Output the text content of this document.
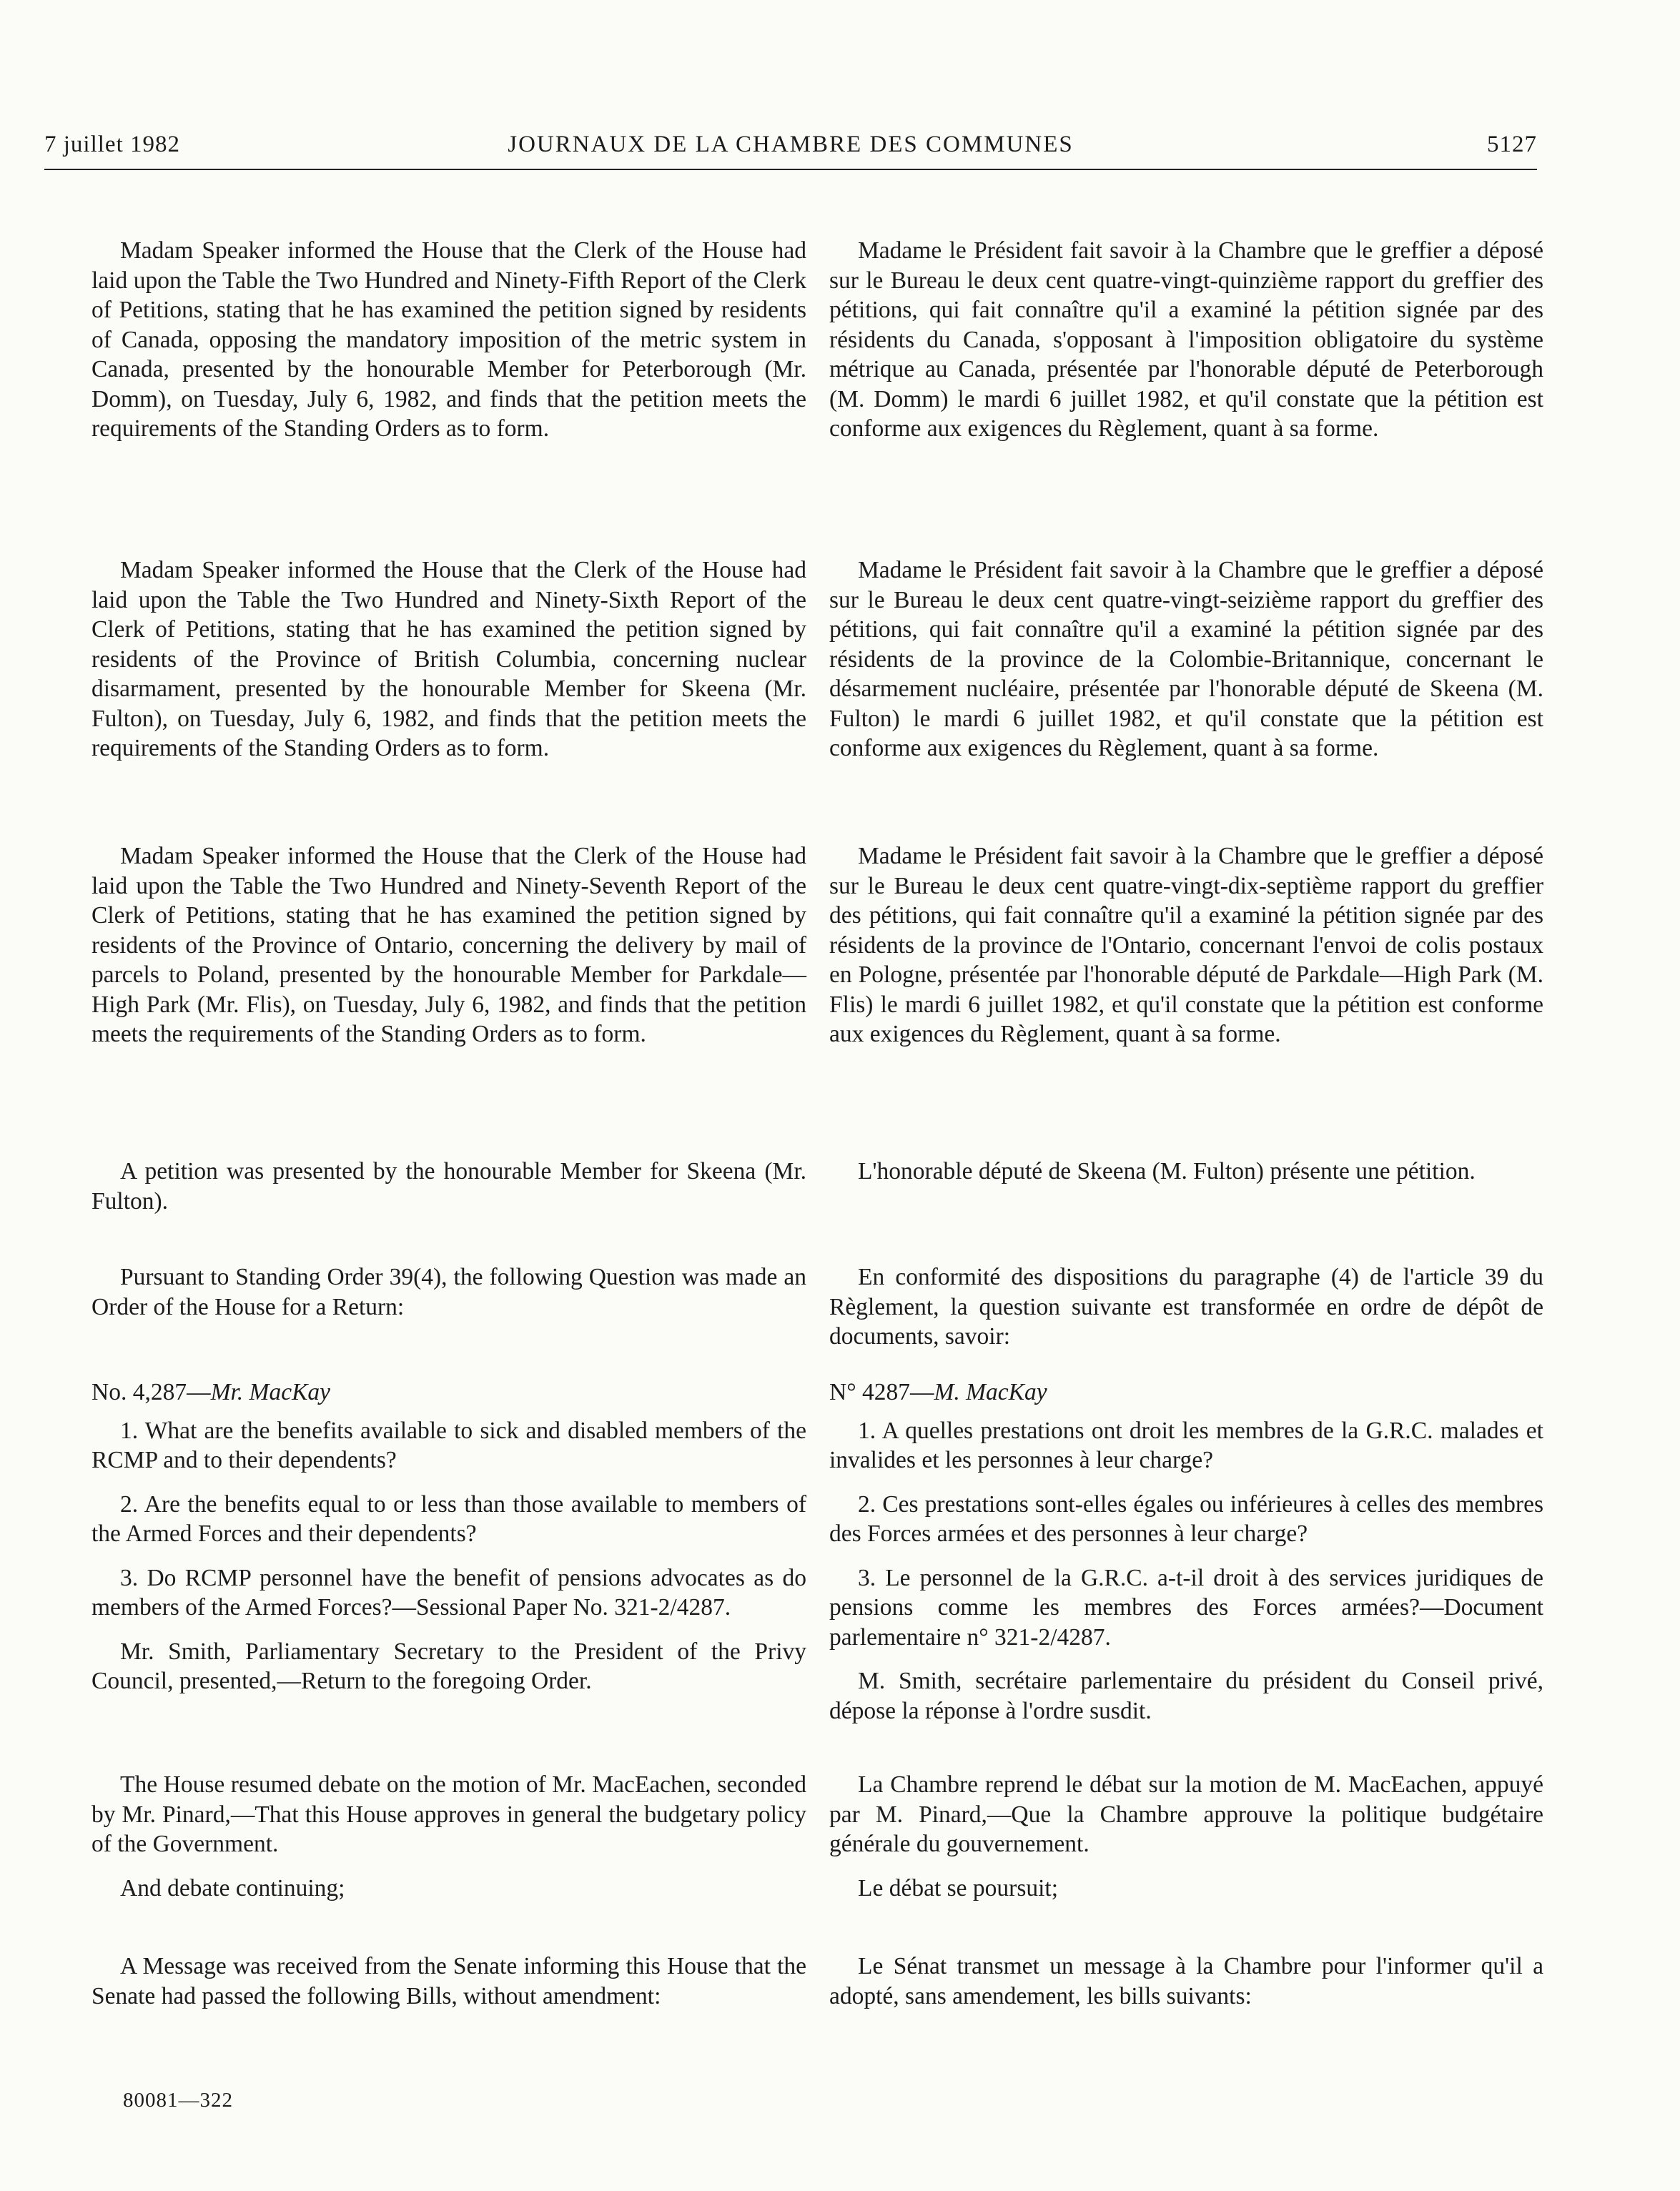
7 juillet 1982	JOURNAUX DE LA CHAMBRE DES COMMUNES	5127

Madam Speaker informed the House that the Clerk of the House had laid upon the Table the Two Hundred and Ninety-Fifth Report of the Clerk of Petitions, stating that he has examined the petition signed by residents of Canada, opposing the mandatory imposition of the metric system in Canada, presented by the honourable Member for Peterborough (Mr. Domm), on Tuesday, July 6, 1982, and finds that the petition meets the requirements of the Standing Orders as to form.

Madam Speaker informed the House that the Clerk of the House had laid upon the Table the Two Hundred and Ninety-Sixth Report of the Clerk of Petitions, stating that he has examined the petition signed by residents of the Province of British Columbia, concerning nuclear disarmament, presented by the honourable Member for Skeena (Mr. Fulton), on Tuesday, July 6, 1982, and finds that the petition meets the requirements of the Standing Orders as to form.

Madam Speaker informed the House that the Clerk of the House had laid upon the Table the Two Hundred and Ninety-Seventh Report of the Clerk of Petitions, stating that he has examined the petition signed by residents of the Province of Ontario, concerning the delivery by mail of parcels to Poland, presented by the honourable Member for Parkdale—High Park (Mr. Flis), on Tuesday, July 6, 1982, and finds that the petition meets the requirements of the Standing Orders as to form.

A petition was presented by the honourable Member for Skeena (Mr. Fulton).

Pursuant to Standing Order 39(4), the following Question was made an Order of the House for a Return:

No. 4,287—Mr. MacKay

1. What are the benefits available to sick and disabled members of the RCMP and to their dependents?

2. Are the benefits equal to or less than those available to members of the Armed Forces and their dependents?

3. Do RCMP personnel have the benefit of pensions advocates as do members of the Armed Forces?—Sessional Paper No. 321-2/4287.

Mr. Smith, Parliamentary Secretary to the President of the Privy Council, presented,—Return to the foregoing Order.

The House resumed debate on the motion of Mr. MacEachen, seconded by Mr. Pinard,—That this House approves in general the budgetary policy of the Government.

And debate continuing;

A Message was received from the Senate informing this House that the Senate had passed the following Bills, without amendment:

Madame le Président fait savoir à la Chambre que le greffier a déposé sur le Bureau le deux cent quatre-vingt-quinzième rapport du greffier des pétitions, qui fait connaître qu'il a examiné la pétition signée par des résidents du Canada, s'opposant à l'imposition obligatoire du système métrique au Canada, présentée par l'honorable député de Peterborough (M. Domm) le mardi 6 juillet 1982, et qu'il constate que la pétition est conforme aux exigences du Règlement, quant à sa forme.

Madame le Président fait savoir à la Chambre que le greffier a déposé sur le Bureau le deux cent quatre-vingt-seizième rapport du greffier des pétitions, qui fait connaître qu'il a examiné la pétition signée par des résidents de la province de la Colombie-Britannique, concernant le désarmement nucléaire, présentée par l'honorable député de Skeena (M. Fulton) le mardi 6 juillet 1982, et qu'il constate que la pétition est conforme aux exigences du Règlement, quant à sa forme.

Madame le Président fait savoir à la Chambre que le greffier a déposé sur le Bureau le deux cent quatre-vingt-dix-septième rapport du greffier des pétitions, qui fait connaître qu'il a examiné la pétition signée par des résidents de la province de l'Ontario, concernant l'envoi de colis postaux en Pologne, présentée par l'honorable député de Parkdale—High Park (M. Flis) le mardi 6 juillet 1982, et qu'il constate que la pétition est conforme aux exigences du Règlement, quant à sa forme.

L'honorable député de Skeena (M. Fulton) présente une pétition.

En conformité des dispositions du paragraphe (4) de l'article 39 du Règlement, la question suivante est transformée en ordre de dépôt de documents, savoir:

N° 4287—M. MacKay

1. A quelles prestations ont droit les membres de la G.R.C. malades et invalides et les personnes à leur charge?

2. Ces prestations sont-elles égales ou inférieures à celles des membres des Forces armées et des personnes à leur charge?

3. Le personnel de la G.R.C. a-t-il droit à des services juridiques de pensions comme les membres des Forces armées?—Document parlementaire n° 321-2/4287.

M. Smith, secrétaire parlementaire du président du Conseil privé, dépose la réponse à l'ordre susdit.

La Chambre reprend le débat sur la motion de M. MacEachen, appuyé par M. Pinard,—Que la Chambre approuve la politique budgétaire générale du gouvernement.

Le débat se poursuit;

Le Sénat transmet un message à la Chambre pour l'informer qu'il a adopté, sans amendement, les bills suivants:

80081—322
